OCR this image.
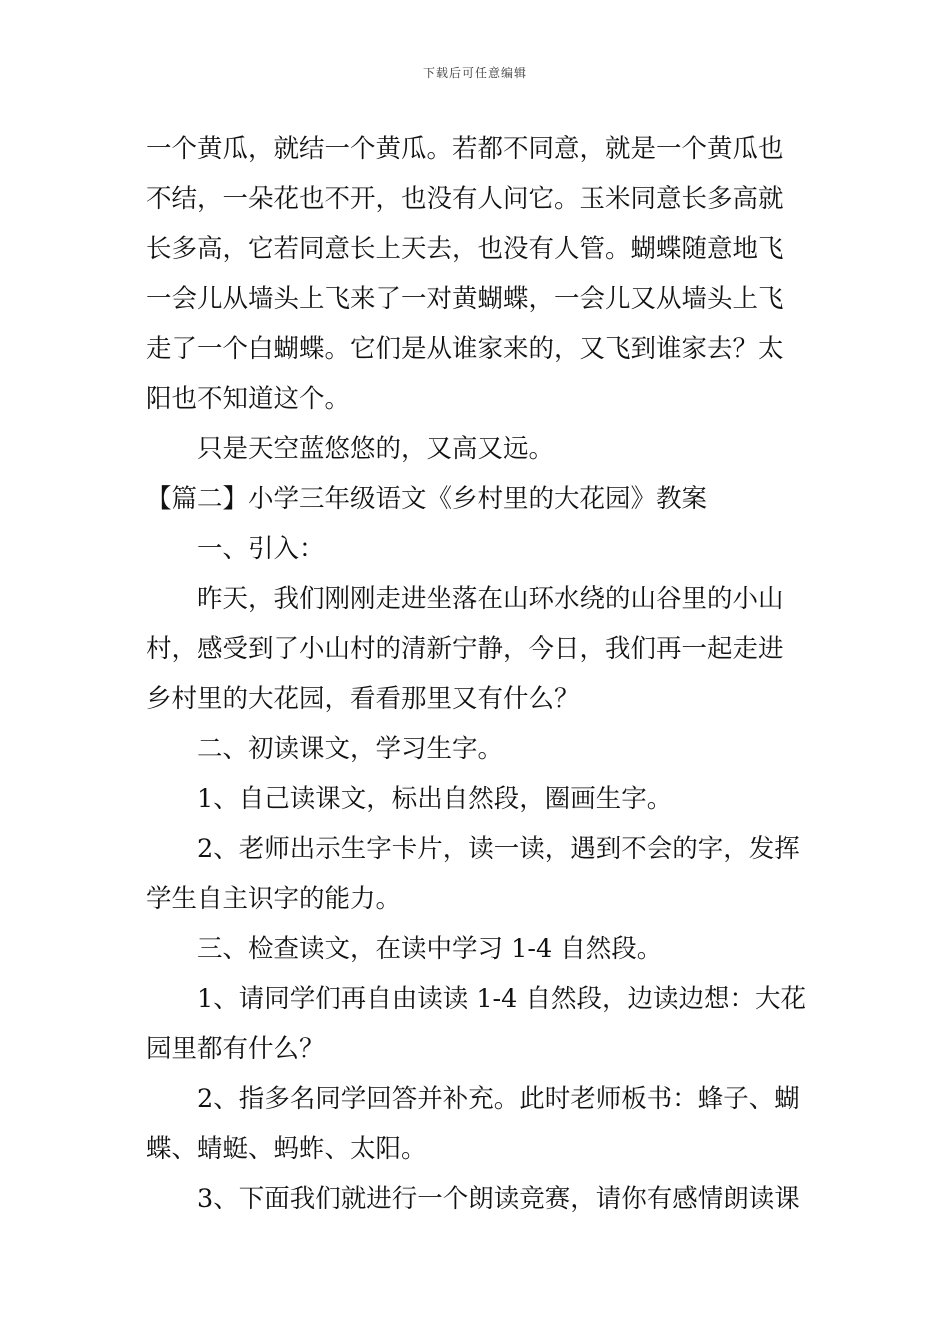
下载后可任意编辑
一个黄瓜，就结一个黄瓜。若都不同意，就是一个黄瓜也
不结，一朵花也不开，也没有人问它。玉米同意长多高就
长多高，它若同意长上天去，也没有人管。蝴蝶随意地飞
一会儿从墙头上飞来了一对黄蝴蝶，一会儿又从墙头上飞
走了一个白蝴蝶。它们是从谁家来的，又飞到谁家去？太
阳也不知道这个。
只是天空蓝悠悠的，又高又远。
【篇二】小学三年级语文《乡村里的大花园》教案
一、引入：
昨天，我们刚刚走进坐落在山环水绕的山谷里的小山
村，感受到了小山村的清新宁静，今日，我们再一起走进
乡村里的大花园，看看那里又有什么？
二、初读课文，学习生字。
1、自己读课文，标出自然段，圈画生字。
2、老师出示生字卡片，读一读，遇到不会的字，发挥
学生自主识字的能力。
三、检查读文，在读中学习 1-4 自然段。
1、请同学们再自由读读 1-4 自然段，边读边想：大花
园里都有什么？
2、指多名同学回答并补充。此时老师板书：蜂子、蝴
蝶、蜻蜓、蚂蚱、太阳。
3、下面我们就进行一个朗读竞赛，请你有感情朗读课
